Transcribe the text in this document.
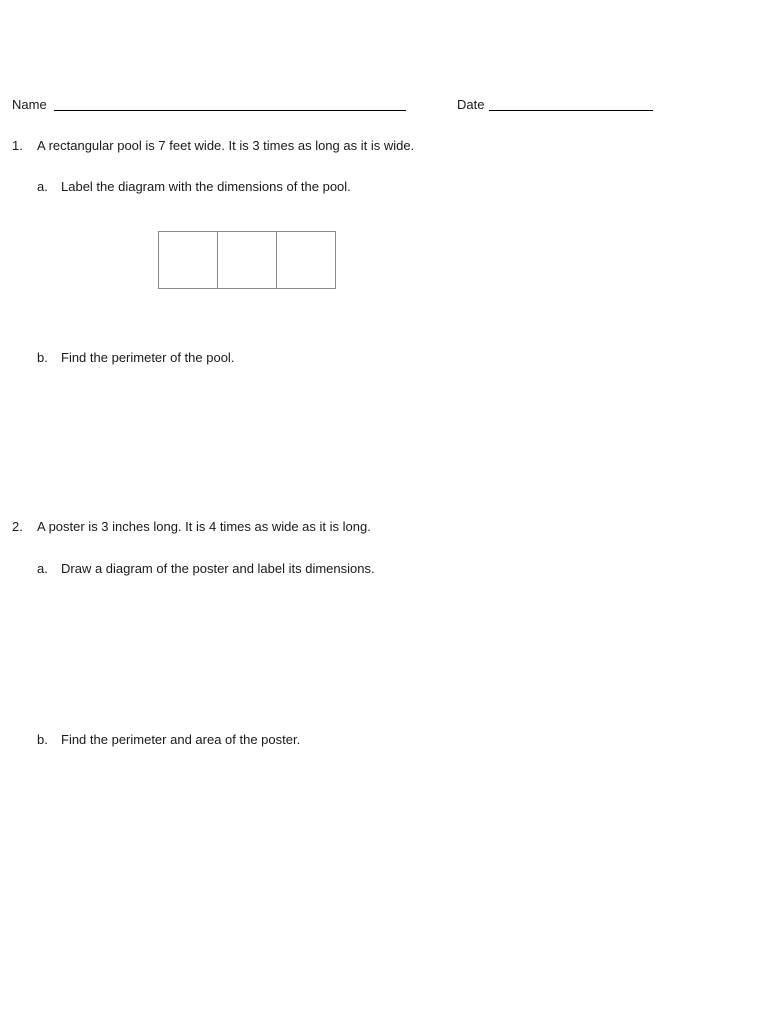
Name	Date
1. A rectangular pool is 7 feet wide. It is 3 times as long as it is wide.
a. Label the diagram with the dimensions of the pool.
b. Find the perimeter of the pool.
2. A poster is 3 inches long. It is 4 times as wide as it is long.
a. Draw a diagram of the poster and label its dimensions.
b. Find the perimeter and area of the poster.
